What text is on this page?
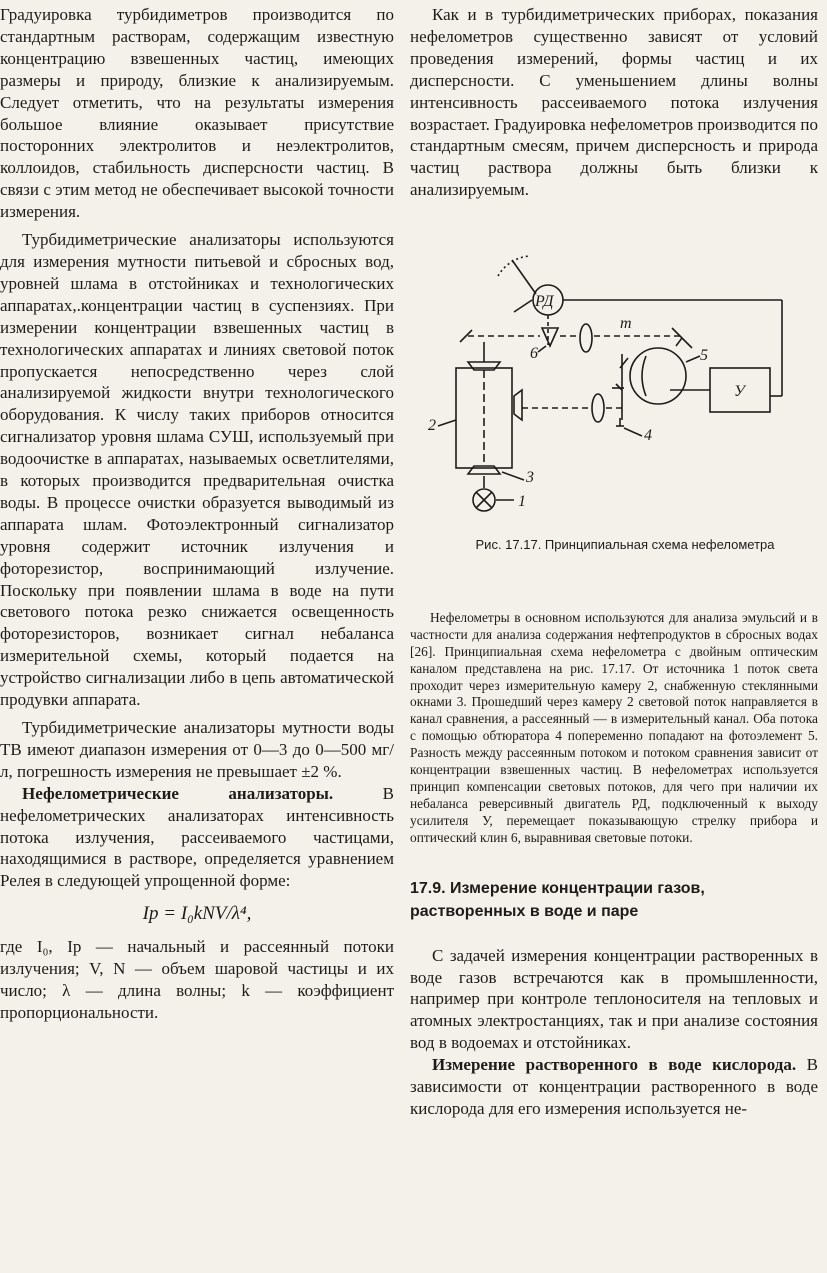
Градуировка турбидиметров производится по стандартным растворам, содержащим известную концентрацию взвешенных частиц, имеющих размеры и природу, близкие к анализируемым. Следует отметить, что на результаты измерения большое влияние оказывает присутствие посторонних электролитов и неэлектролитов, коллоидов, стабильность дисперсности частиц. В связи с этим метод не обеспечивает высокой точности измерения.

Турбидиметрические анализаторы используются для измерения мутности питьевой и сбросных вод, уровней шлама в отстойниках и технологических аппаратах,.концентрации частиц в суспензиях. При измерении концентрации взвешенных частиц в технологических аппаратах и линиях световой поток пропускается непосредственно через слой анализируемой жидкости внутри технологического оборудования. К числу таких приборов относится сигнализатор уровня шлама СУШ, используемый при водоочистке в аппаратах, называемых осветлителями, в которых производится предварительная очистка воды. В процессе очистки образуется выводимый из аппарата шлам. Фотоэлектронный сигнализатор уровня содержит источник излучения и фоторезистор, воспринимающий излучение. Поскольку при появлении шлама в воде на пути светового потока резко снижается освещенность фоторезисторов, возникает сигнал небаланса измерительной схемы, который подается на устройство сигнализации либо в цепь автоматической продувки аппарата.

Турбидиметрические анализаторы мутности воды ТВ имеют диапазон измерения от 0—3 до 0—500 мг/л, погрешность измерения не превышает ±2 %.

Нефелометрические анализаторы. В нефелометрических анализаторах интенсивность потока излучения, рассеиваемого частицами, находящимися в растворе, определяется уравнением Релея в следующей упрощенной форме:

Iр = I₀kNV/λ⁴,

где I₀, Iр — начальный и рассеянный потоки излучения; V, N — объем шаровой частицы и их число; λ — длина волны; k — коэффициент пропорциональности.

Как и в турбидиметрических приборах, показания нефелометров существенно зависят от условий проведения измерений, формы частиц и их дисперсности. С уменьшением длины волны интенсивность рассеиваемого потока излучения возрастает. Градуировка нефелометров производится по стандартным смесям, причем дисперсность и природа частиц раствора должны быть близки к анализируемым.

РД
т
6	5
У
2
3
4
1

Рис. 17.17. Принципиальная схема нефелометра

Нефелометры в основном используются для анализа эмульсий и в частности для анализа содержания нефтепродуктов в сбросных водах [26]. Принципиальная схема нефелометра с двойным оптическим каналом представлена на рис. 17.17. От источника 1 поток света проходит через измерительную камеру 2, снабженную стеклянными окнами 3. Прошедший через камеру 2 световой поток направляется в канал сравнения, а рассеянный — в измерительный канал. Оба потока с помощью обтюратора 4 попеременно попадают на фотоэлемент 5. Разность между рассеянным потоком и потоком сравнения зависит от концентрации взвешенных частиц. В нефелометрах используется принцип компенсации световых потоков, для чего при наличии их небаланса реверсивный двигатель РД, подключенный к выходу усилителя У, перемещает показывающую стрелку прибора и оптический клин 6, выравнивая световые потоки.

17.9. Измерение концентрации газов, растворенных в воде и паре

С задачей измерения концентрации растворенных в воде газов встречаются как в промышленности, например при контроле теплоносителя на тепловых и атомных электростанциях, так и при анализе состояния вод в водоемах и отстойниках.

Измерение растворенного в воде кислорода. В зависимости от концентрации растворенного в воде кислорода для его измерения используется не-
